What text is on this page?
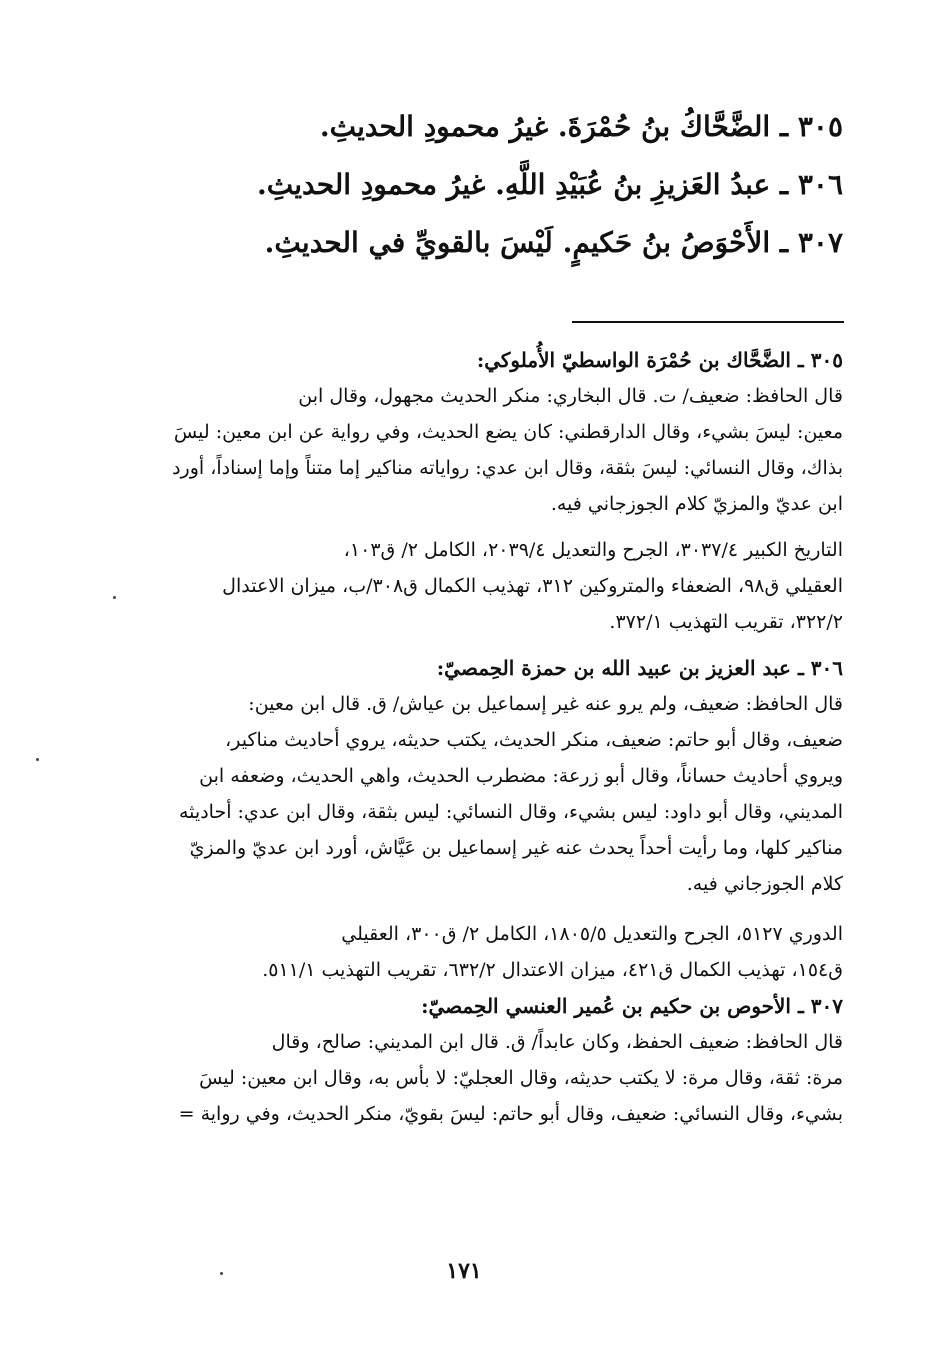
٣٠٥ ـ الضَّحَّاكُ بنُ حُمْرَةَ. غيرُ محمودِ الحديثِ.
٣٠٦ ـ عبدُ العَزيزِ بنُ عُبَيْدِ اللَّهِ. غيرُ محمودِ الحديثِ.
٣٠٧ ـ الأَحْوَصُ بنُ حَكيمٍ. لَيْسَ بالقويِّ في الحديثِ.
٣٠٥ ـ الضَّحَّاك بن حُمْرَة الواسطيّ الأُملوكي:

قال الحافظ: ضعيف/ ت. قال البخاري: منكر الحديث مجهول، وقال ابن
معين: ليسَ بشيء، وقال الدارقطني: كان يضع الحديث، وفي رواية عن ابن معين: ليسَ
بذاك، وقال النسائي: ليسَ بثقة، وقال ابن عدي: رواياته مناكير إما متناً وإما إسناداً، أورد
ابن عديّ والمزيّ كلام الجوزجاني فيه.

التاريخ الكبير ٣٠٣٧/٤، الجرح والتعديل ٢٠٣٩/٤، الكامل ٢/ ق١٠٣،
العقيلي ق٩٨، الضعفاء والمتروكين ٣١٢، تهذيب الكمال ق٣٠٨/ب، ميزان الاعتدال
٣٢٢/٢، تقريب التهذيب ٣٧٢/١.

٣٠٦ ـ عبد العزيز بن عبيد الله بن حمزة الحِمصيّ:

قال الحافظ: ضعيف، ولم يرو عنه غير إسماعيل بن عياش/ ق. قال ابن معين:
ضعيف، وقال أبو حاتم: ضعيف، منكر الحديث، يكتب حديثه، يروي أحاديث مناكير،
ويروي أحاديث حساناً، وقال أبو زرعة: مضطرب الحديث، واهي الحديث، وضعفه ابن
المديني، وقال أبو داود: ليس بشيء، وقال النسائي: ليس بثقة، وقال ابن عدي: أحاديثه
مناكير كلها، وما رأيت أحداً يحدث عنه غير إسماعيل بن عَيَّاش، أورد ابن عديّ والمزيّ
كلام الجوزجاني فيه.

الدوري ٥١٢٧، الجرح والتعديل ١٨٠٥/٥، الكامل ٢/ ق٣٠٠، العقيلي
ق١٥٤، تهذيب الكمال ق٤٢١، ميزان الاعتدال ٦٣٢/٢، تقريب التهذيب ٥١١/١.

٣٠٧ ـ الأحوص بن حكيم بن عُمير العنسي الحِمصيّ:

قال الحافظ: ضعيف الحفظ، وكان عابداً/ ق. قال ابن المديني: صالح، وقال
مرة: ثقة، وقال مرة: لا يكتب حديثه، وقال العجليّ: لا بأس به، وقال ابن معين: ليسَ
بشيء، وقال النسائي: ضعيف، وقال أبو حاتم: ليسَ بقويّ، منكر الحديث، وفي رواية =

١٧١
